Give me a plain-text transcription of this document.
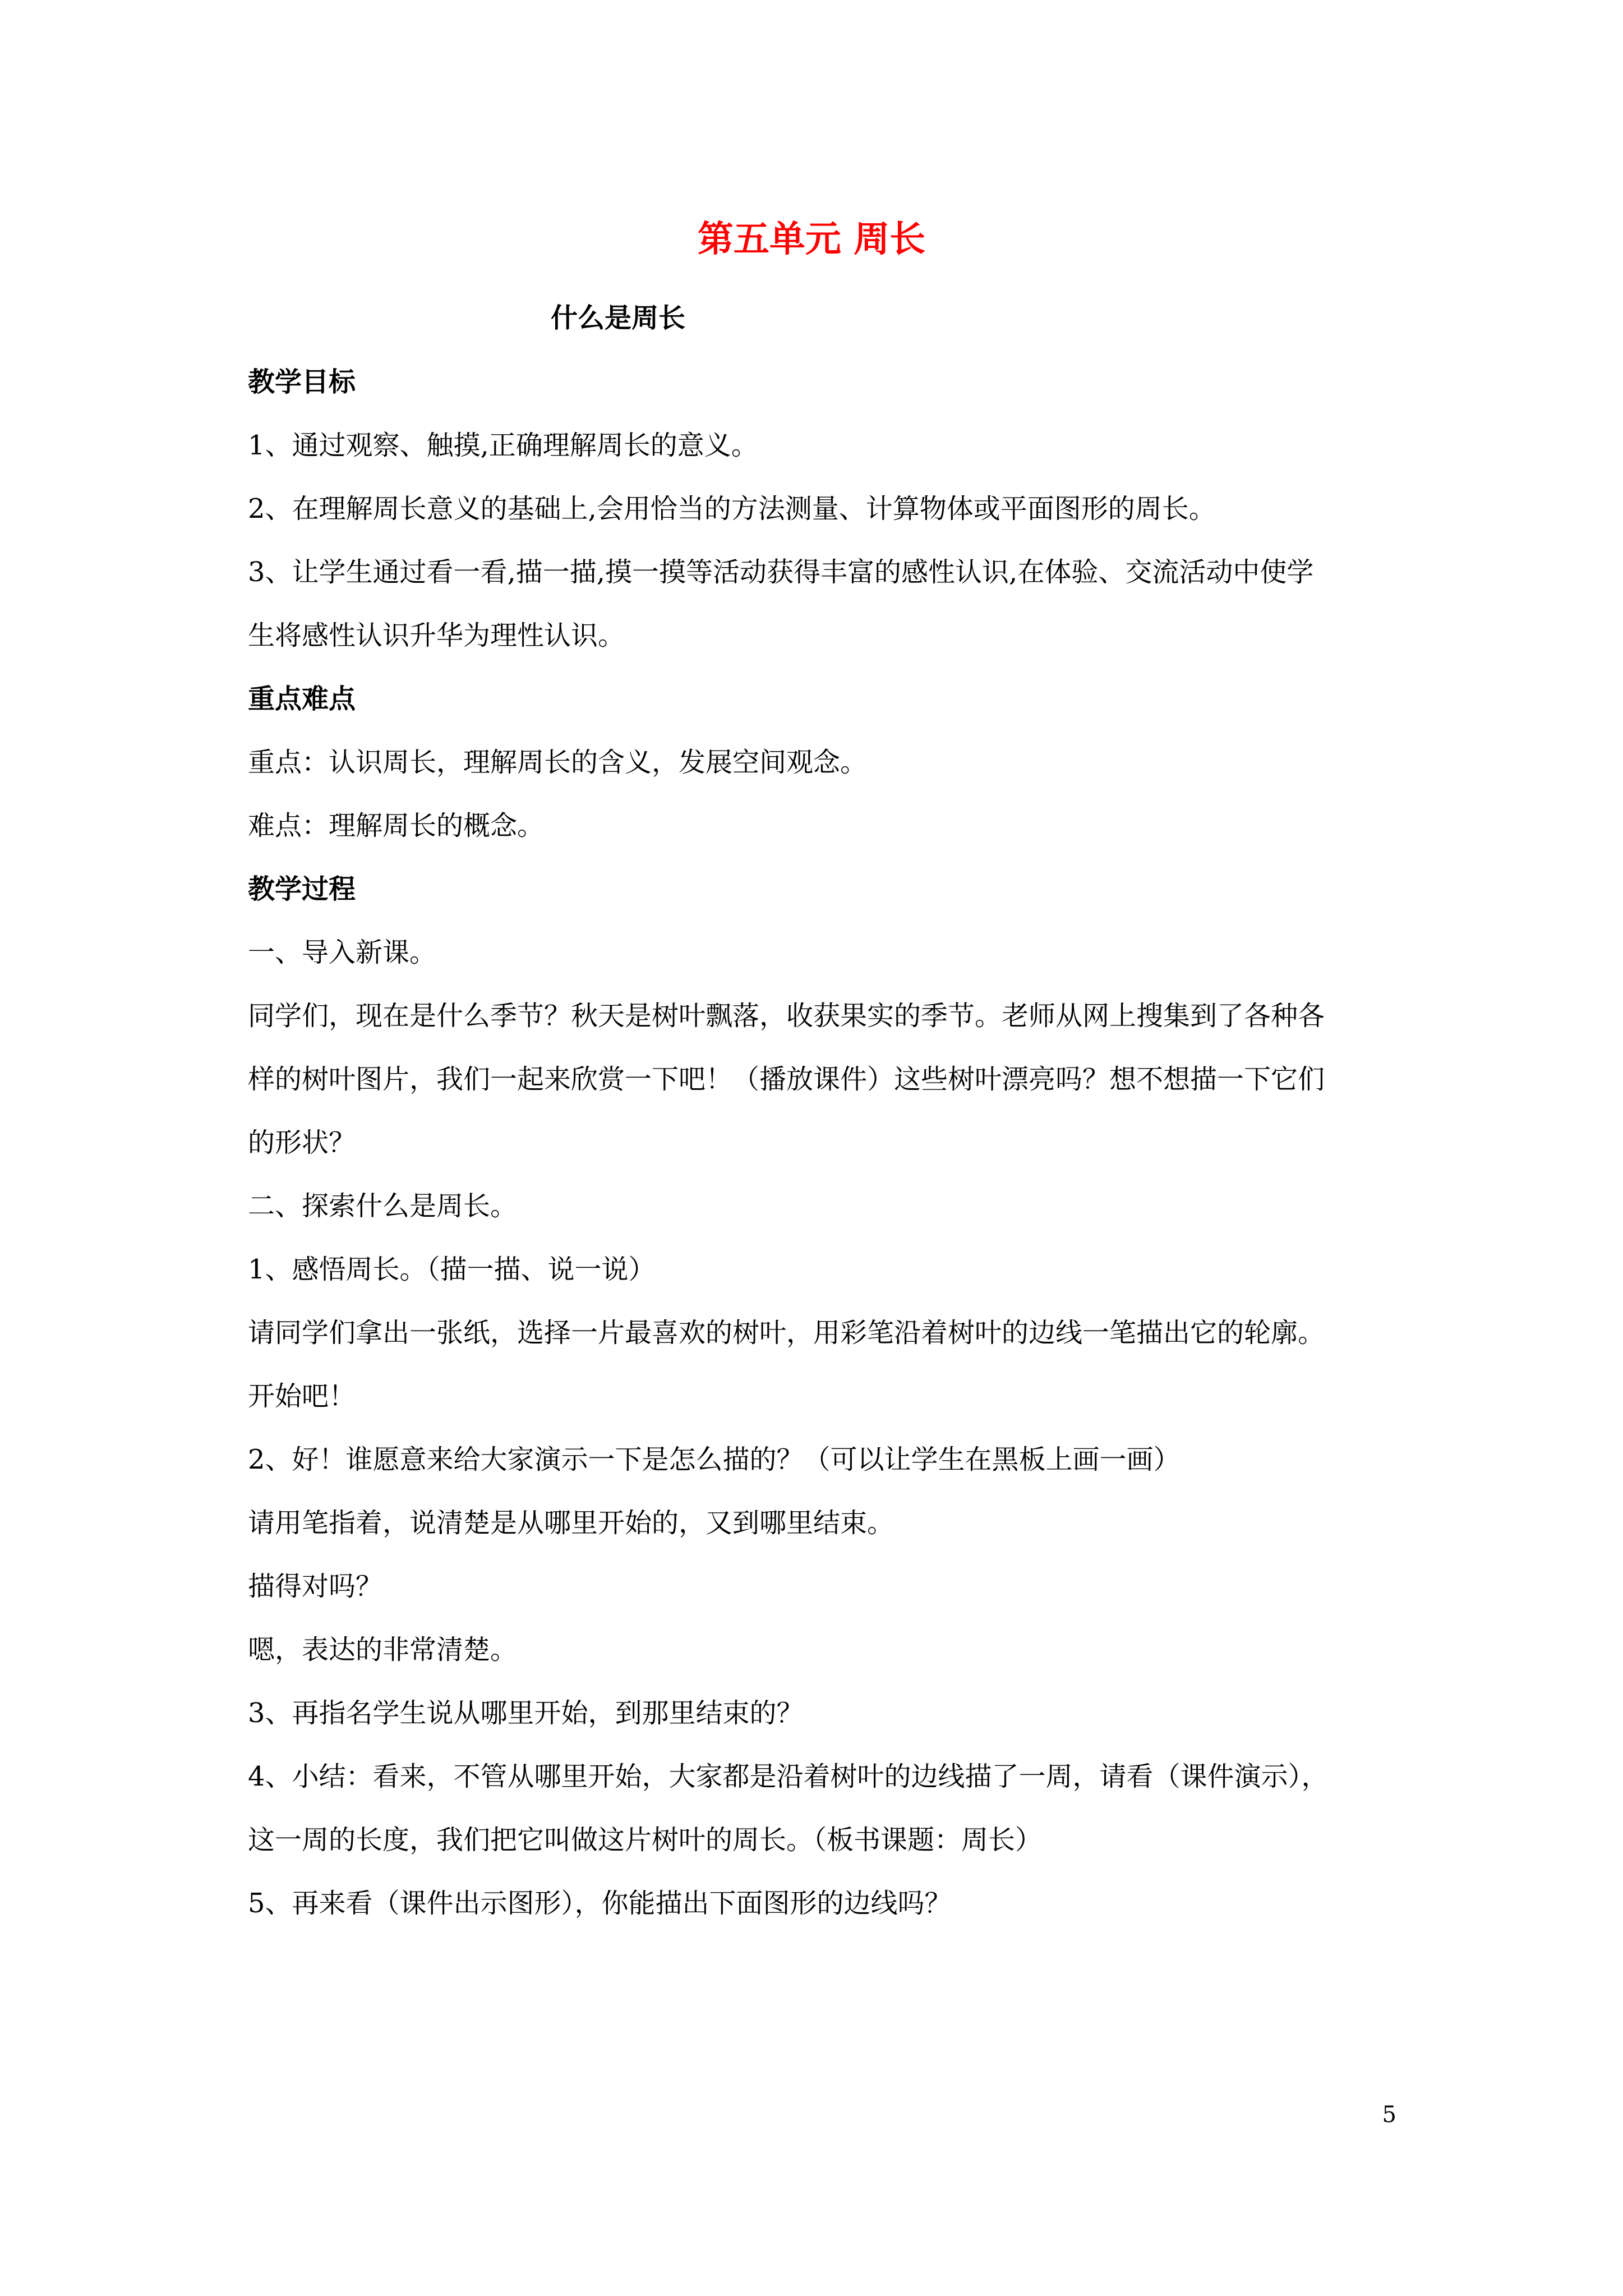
第五单元 周长
什么是周长
教学目标
1、通过观察、触摸,正确理解周长的意义。
2、在理解周长意义的基础上,会用恰当的方法测量、计算物体或平面图形的周长。
3、让学生通过看一看,描一描,摸一摸等活动获得丰富的感性认识,在体验、交流活动中使学
生将感性认识升华为理性认识。
重点难点
重点：认识周长，理解周长的含义，发展空间观念。
难点：理解周长的概念。
教学过程
一、导入新课。
同学们，现在是什么季节？秋天是树叶飘落，收获果实的季节。老师从网上搜集到了各种各
样的树叶图片，我们一起来欣赏一下吧！（播放课件）这些树叶漂亮吗？想不想描一下它们
的形状？
二、探索什么是周长。
1、感悟周长。（描一描、说一说）
请同学们拿出一张纸，选择一片最喜欢的树叶，用彩笔沿着树叶的边线一笔描出它的轮廓。
开始吧！
2、好！谁愿意来给大家演示一下是怎么描的？（可以让学生在黑板上画一画）
请用笔指着，说清楚是从哪里开始的，又到哪里结束。
描得对吗？
嗯，表达的非常清楚。
3、再指名学生说从哪里开始，到那里结束的？
4、小结：看来，不管从哪里开始，大家都是沿着树叶的边线描了一周，请看（课件演示），
这一周的长度，我们把它叫做这片树叶的周长。（板书课题：周长）
5、再来看（课件出示图形），你能描出下面图形的边线吗？
5
